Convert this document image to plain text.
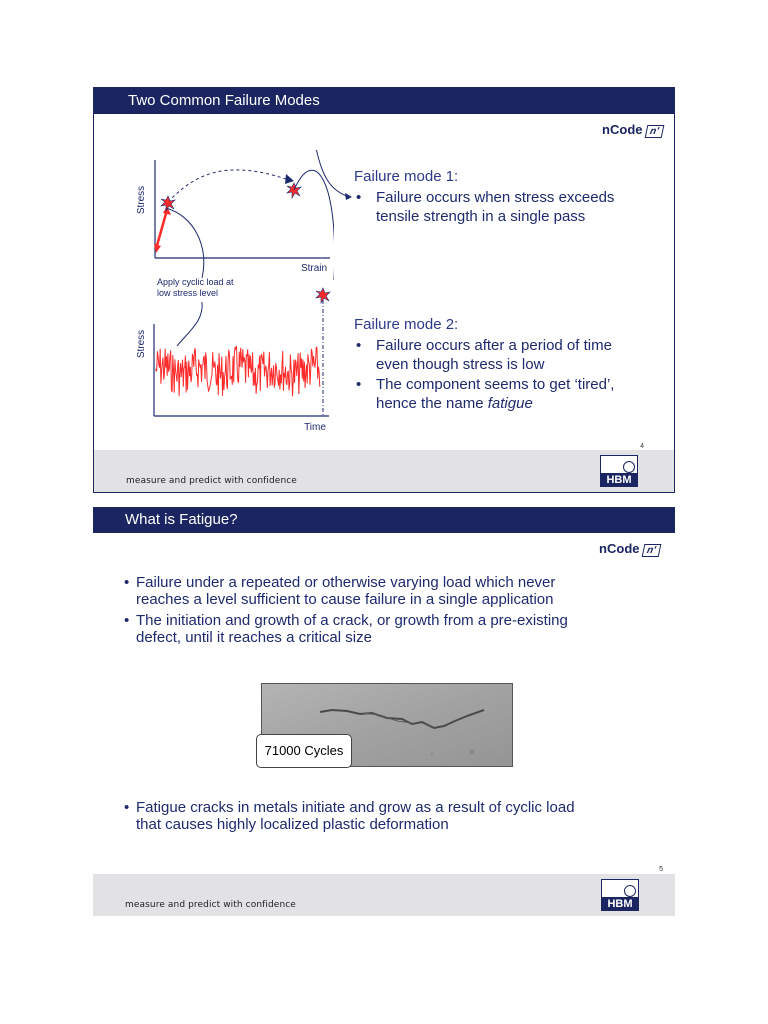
Two Common Failure Modes
nCode n'
Stress
Strain
Apply cyclic load at
low stress level
Stress
Time
Failure mode 1:
• Failure occurs when stress exceeds
tensile strength in a single pass
Failure mode 2:
• Failure occurs after a period of time
even though stress is low
• The component seems to get ‘tired’,
hence the name fatigue
4
measure and predict with confidence	HBM
What is Fatigue?
nCode n'
• Failure under a repeated or otherwise varying load which never
reaches a level sufficient to cause failure in a single application
• The initiation and growth of a crack, or growth from a pre-existing
defect, until it reaches a critical size
71000 Cycles
• Fatigue cracks in metals initiate and grow as a result of cyclic load
that causes highly localized plastic deformation
5
measure and predict with confidence	HBM
